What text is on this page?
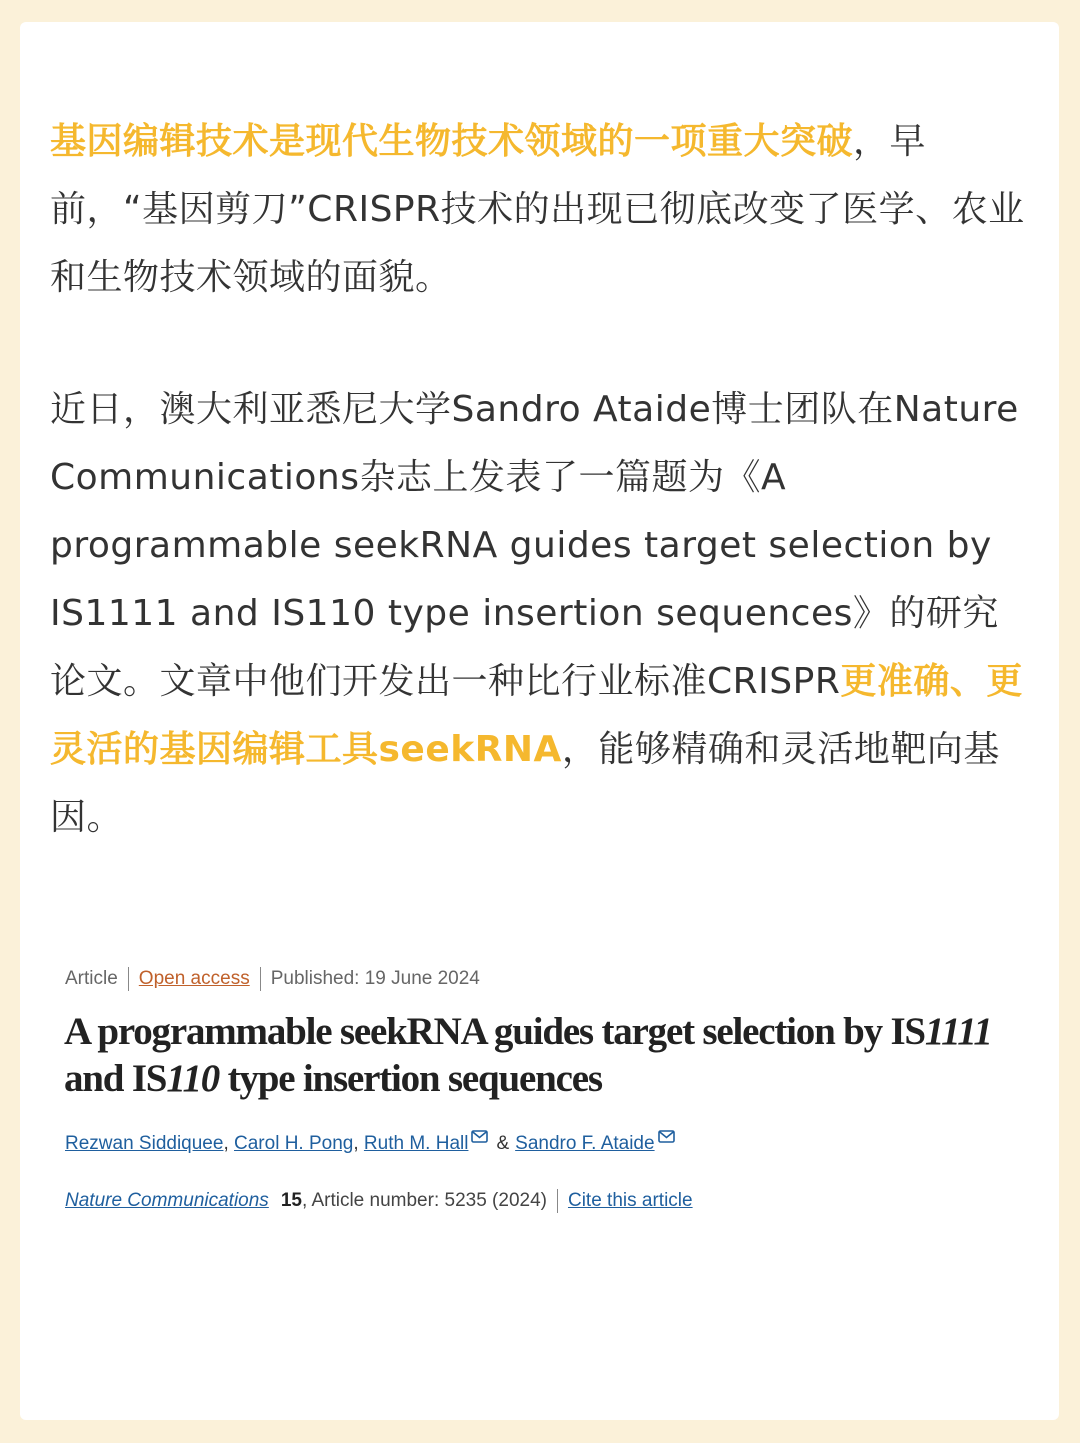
基因编辑技术是现代生物技术领域的一项重大突破，早前，“基因剪刀”CRISPR技术的出现已彻底改变了医学、农业和生物技术领域的面貌。

近日，澳大利亚悉尼大学Sandro Ataide博士团队在Nature Communications杂志上发表了一篇题为《A programmable seekRNA guides target selection by IS1111 and IS110 type insertion sequences》的研究论文。文章中他们开发出一种比行业标准CRISPR更准确、更灵活的基因编辑工具seekRNA，能够精确和灵活地靶向基因。

Article Open access Published: 19 June 2024
A programmable seekRNA guides target selection by IS1111 and IS110 type insertion sequences
Rezwan Siddiquee, Carol H. Pong, Ruth M. Hall & Sandro F. Ataide
Nature Communications 15 , Article number: 5235 (2024) Cite this article
